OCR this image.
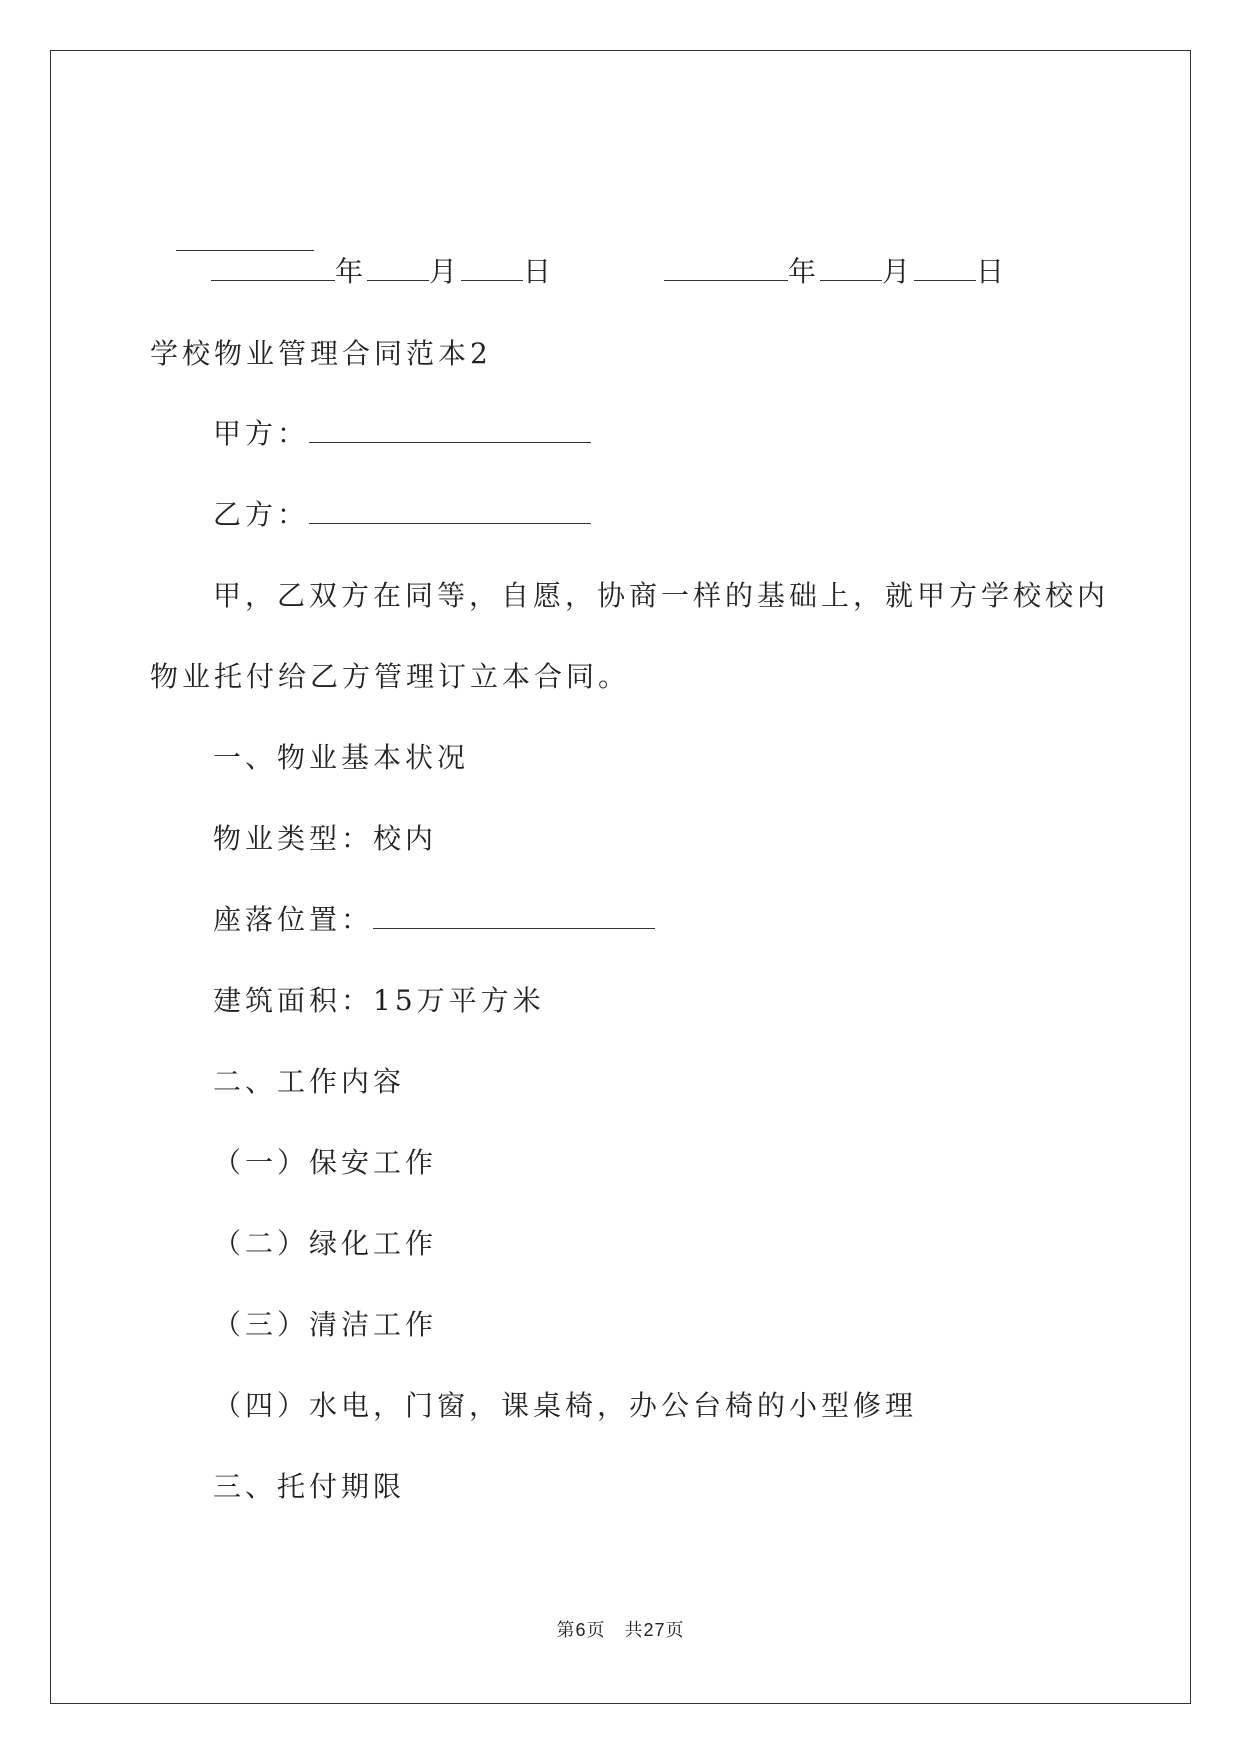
年 月 日	年 月 日
学校物业管理合同范本2
甲方：
乙方：
甲，乙双方在同等，自愿，协商一样的基础上，就甲方学校校内
物业托付给乙方管理订立本合同。
一、物业基本状况
物业类型：校内
座落位置：
建筑面积：15万平方米
二、工作内容
（一）保安工作
（二）绿化工作
（三）清洁工作
（四）水电，门窗，课桌椅，办公台椅的小型修理
三、托付期限
第6页　共27页
